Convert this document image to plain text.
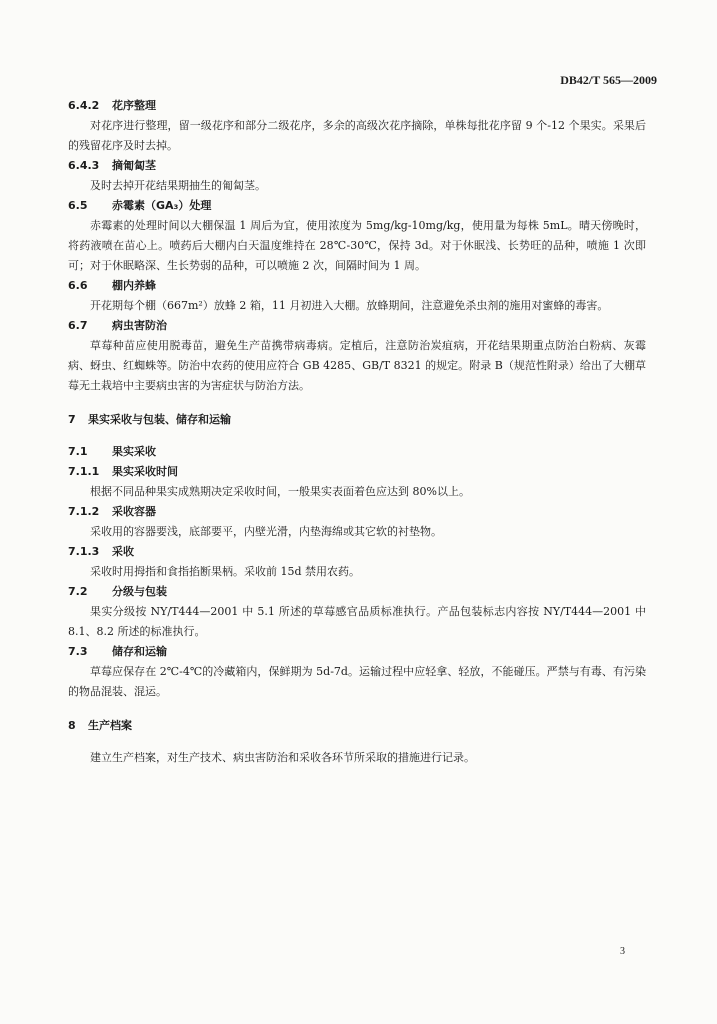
DB42/T 565—2009
6.4.2 花序整理
对花序进行整理，留一级花序和部分二级花序，多余的高级次花序摘除，单株每批花序留 9 个-12 个果实。采果后的残留花序及时去掉。
6.4.3 摘匍匐茎
及时去掉开花结果期抽生的匍匐茎。
6.5 赤霉素（GA₃）处理
赤霉素的处理时间以大棚保温 1 周后为宜，使用浓度为 5mg/kg-10mg/kg，使用量为每株 5mL。晴天傍晚时，将药液喷在苗心上。喷药后大棚内白天温度维持在 28℃-30℃，保持 3d。对于休眠浅、长势旺的品种，喷施 1 次即可；对于休眠略深、生长势弱的品种，可以喷施 2 次，间隔时间为 1 周。
6.6 棚内养蜂
开花期每个棚（667m²）放蜂 2 箱，11 月初进入大棚。放蜂期间，注意避免杀虫剂的施用对蜜蜂的毒害。
6.7 病虫害防治
草莓种苗应使用脱毒苗，避免生产苗携带病毒病。定植后，注意防治炭疽病，开花结果期重点防治白粉病、灰霉病、蚜虫、红蜘蛛等。防治中农药的使用应符合 GB 4285、GB/T 8321 的规定。附录 B（规范性附录）给出了大棚草莓无土栽培中主要病虫害的为害症状与防治方法。
7 果实采收与包装、储存和运输
7.1 果实采收
7.1.1 果实采收时间
根据不同品种果实成熟期决定采收时间，一般果实表面着色应达到 80%以上。
7.1.2 采收容器
采收用的容器要浅，底部要平，内壁光滑，内垫海绵或其它软的衬垫物。
7.1.3 采收
采收时用拇指和食指掐断果柄。采收前 15d 禁用农药。
7.2 分级与包装
果实分级按 NY/T444—2001 中 5.1 所述的草莓感官品质标准执行。产品包装标志内容按 NY/T444—2001 中 8.1、8.2 所述的标准执行。
7.3 储存和运输
草莓应保存在 2℃-4℃的冷藏箱内，保鲜期为 5d-7d。运输过程中应轻拿、轻放，不能碰压。严禁与有毒、有污染的物品混装、混运。
8 生产档案
建立生产档案，对生产技术、病虫害防治和采收各环节所采取的措施进行记录。
3
